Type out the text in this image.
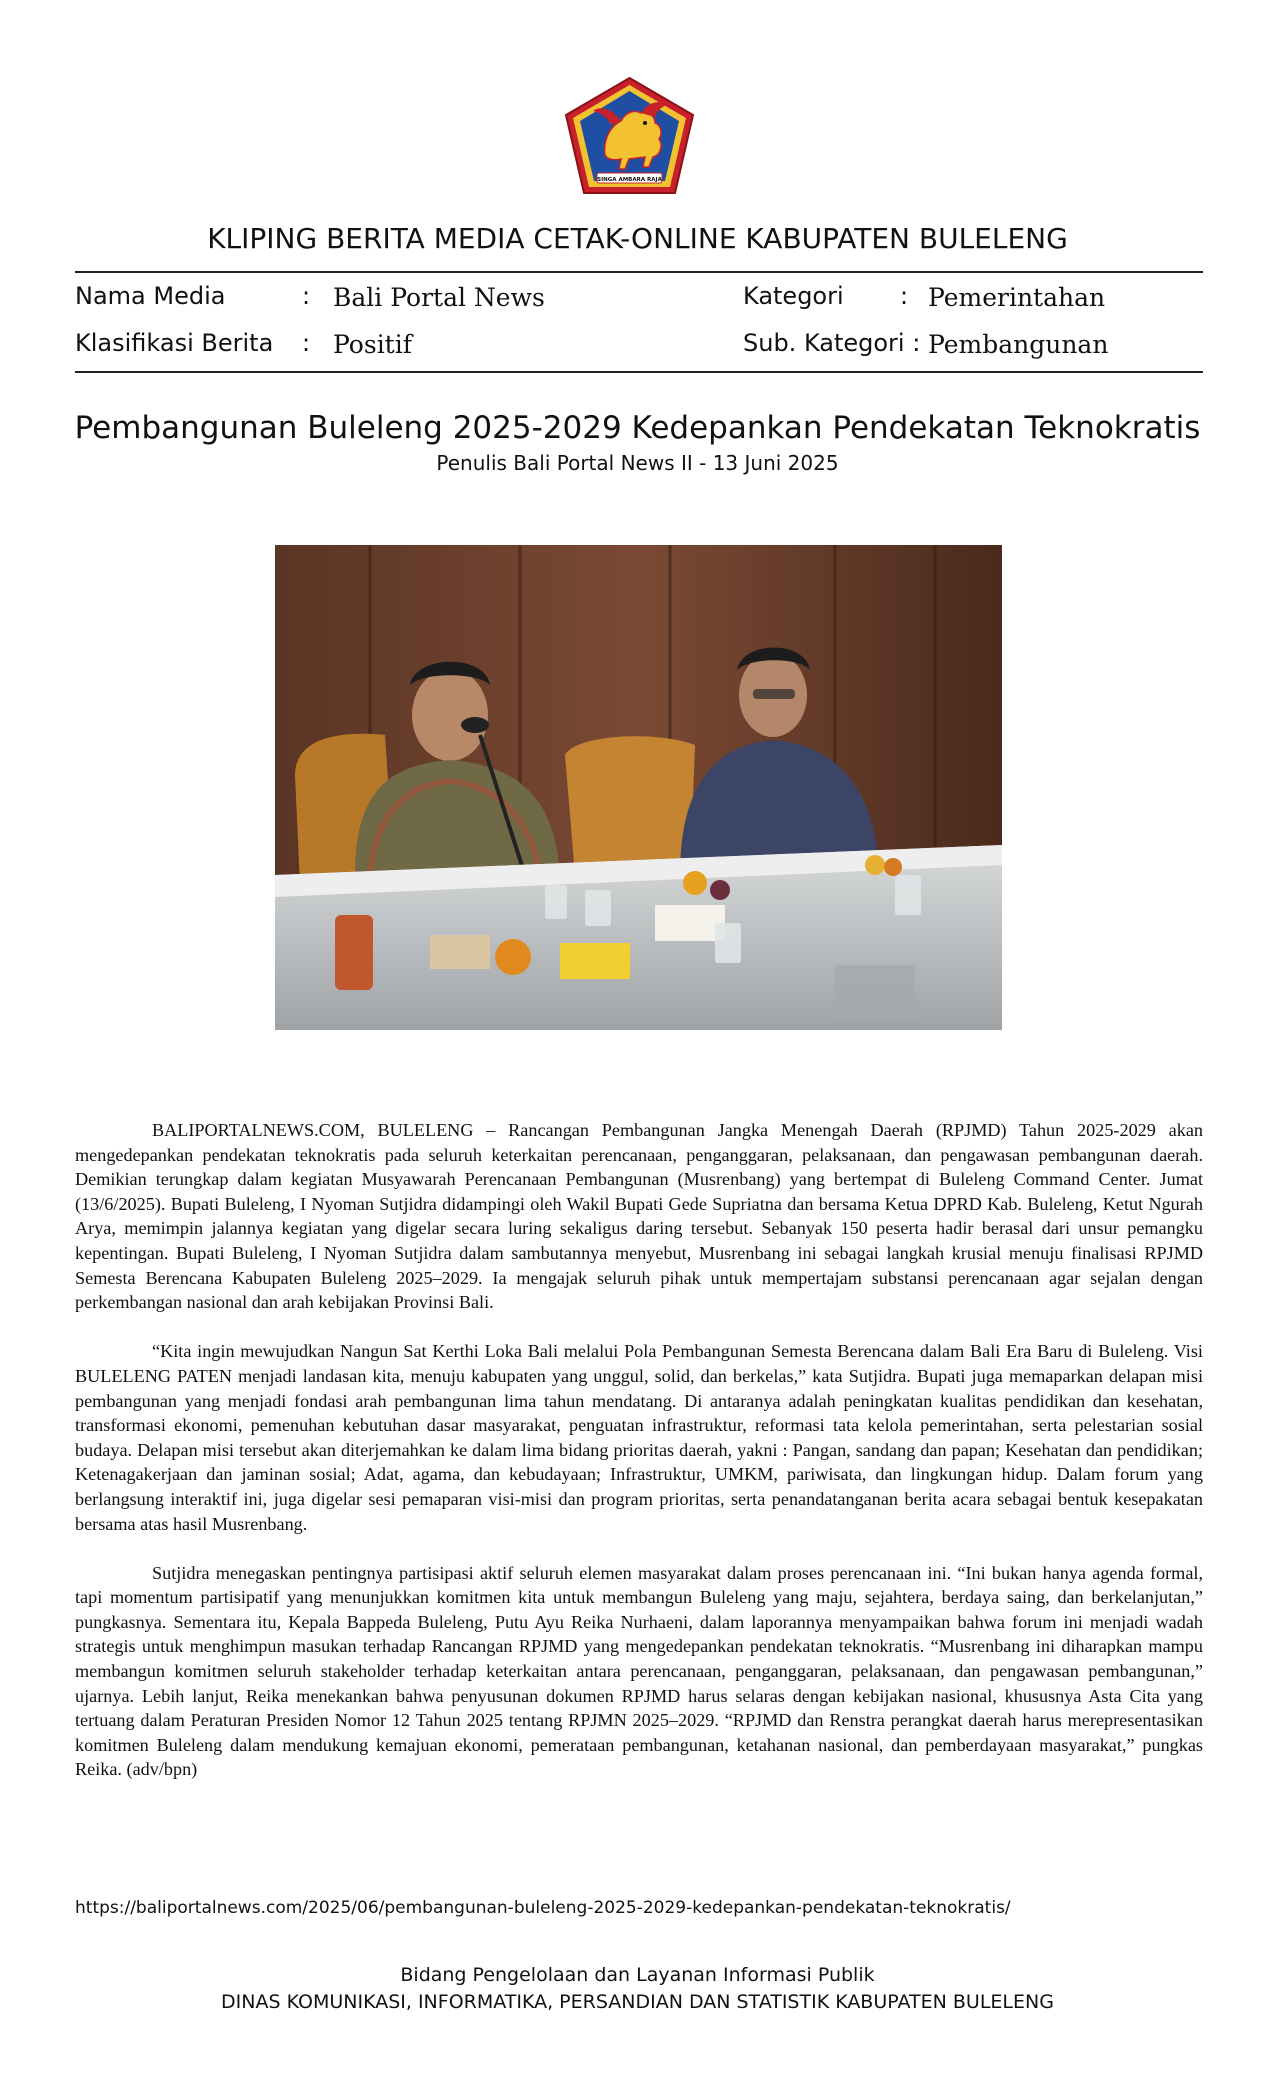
SINGA AMBARA RAJA
KLIPING BERITA MEDIA CETAK-ONLINE KABUPATEN BULELENG
Nama Media	: Bali Portal News
Klasifikasi Berita : Positif
Kategori : Pemerintahan
Sub. Kategori : Pembangunan
Pembangunan Buleleng 2025-2029 Kedepankan Pendekatan Teknokratis
Penulis Bali Portal News II - 13 Juni 2025

BALIPORTALNEWS.COM, BULELENG – Rancangan Pembangunan Jangka Menengah Daerah (RPJMD) Tahun 2025-2029 akan mengedepankan pendekatan teknokratis pada seluruh keterkaitan perencanaan, penganggaran, pelaksanaan, dan pengawasan pembangunan daerah. Demikian terungkap dalam kegiatan Musyawarah Perencanaan Pembangunan (Musrenbang) yang bertempat di Buleleng Command Center. Jumat (13/6/2025). Bupati Buleleng, I Nyoman Sutjidra didampingi oleh Wakil Bupati Gede Supriatna dan bersama Ketua DPRD Kab. Buleleng, Ketut Ngurah Arya, memimpin jalannya kegiatan yang digelar secara luring sekaligus daring tersebut. Sebanyak 150 peserta hadir berasal dari unsur pemangku kepentingan. Bupati Buleleng, I Nyoman Sutjidra dalam sambutannya menyebut, Musrenbang ini sebagai langkah krusial menuju finalisasi RPJMD Semesta Berencana Kabupaten Buleleng 2025–2029. Ia mengajak seluruh pihak untuk mempertajam substansi perencanaan agar sejalan dengan perkembangan nasional dan arah kebijakan Provinsi Bali.

“Kita ingin mewujudkan Nangun Sat Kerthi Loka Bali melalui Pola Pembangunan Semesta Berencana dalam Bali Era Baru di Buleleng. Visi BULELENG PATEN menjadi landasan kita, menuju kabupaten yang unggul, solid, dan berkelas,” kata Sutjidra. Bupati juga memaparkan delapan misi pembangunan yang menjadi fondasi arah pembangunan lima tahun mendatang. Di antaranya adalah peningkatan kualitas pendidikan dan kesehatan, transformasi ekonomi, pemenuhan kebutuhan dasar masyarakat, penguatan infrastruktur, reformasi tata kelola pemerintahan, serta pelestarian sosial budaya. Delapan misi tersebut akan diterjemahkan ke dalam lima bidang prioritas daerah, yakni : Pangan, sandang dan papan; Kesehatan dan pendidikan; Ketenagakerjaan dan jaminan sosial; Adat, agama, dan kebudayaan; Infrastruktur, UMKM, pariwisata, dan lingkungan hidup. Dalam forum yang berlangsung interaktif ini, juga digelar sesi pemaparan visi-misi dan program prioritas, serta penandatanganan berita acara sebagai bentuk kesepakatan bersama atas hasil Musrenbang.

Sutjidra menegaskan pentingnya partisipasi aktif seluruh elemen masyarakat dalam proses perencanaan ini. “Ini bukan hanya agenda formal, tapi momentum partisipatif yang menunjukkan komitmen kita untuk membangun Buleleng yang maju, sejahtera, berdaya saing, dan berkelanjutan,” pungkasnya. Sementara itu, Kepala Bappeda Buleleng, Putu Ayu Reika Nurhaeni, dalam laporannya menyampaikan bahwa forum ini menjadi wadah strategis untuk menghimpun masukan terhadap Rancangan RPJMD yang mengedepankan pendekatan teknokratis. “Musrenbang ini diharapkan mampu membangun komitmen seluruh stakeholder terhadap keterkaitan antara perencanaan, penganggaran, pelaksanaan, dan pengawasan pembangunan,” ujarnya. Lebih lanjut, Reika menekankan bahwa penyusunan dokumen RPJMD harus selaras dengan kebijakan nasional, khususnya Asta Cita yang tertuang dalam Peraturan Presiden Nomor 12 Tahun 2025 tentang RPJMN 2025–2029. “RPJMD dan Renstra perangkat daerah harus merepresentasikan komitmen Buleleng dalam mendukung kemajuan ekonomi, pemerataan pembangunan, ketahanan nasional, dan pemberdayaan masyarakat,” pungkas Reika. (adv/bpn)

https://baliportalnews.com/2025/06/pembangunan-buleleng-2025-2029-kedepankan-pendekatan-teknokratis/
Bidang Pengelolaan dan Layanan Informasi Publik
DINAS KOMUNIKASI, INFORMATIKA, PERSANDIAN DAN STATISTIK KABUPATEN BULELENG
